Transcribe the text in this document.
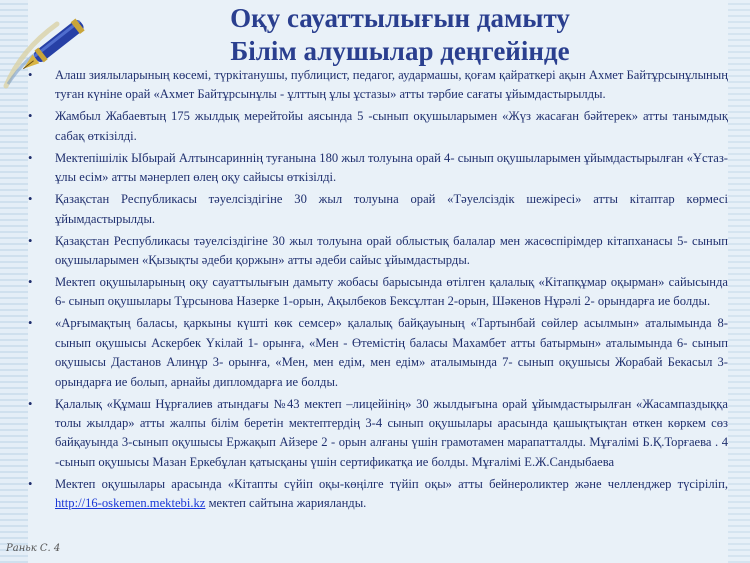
Оқу сауаттылығын дамыту
Білім алушылар деңгейінде
•	Алаш зиялыларының көсемі, түркітанушы, публицист, педагог, аудармашы, қоғам қайраткері ақын Ахмет Байтұрсынұлының туған күніне орай «Ахмет Байтұрсынұлы - ұлттың ұлы ұстазы» атты тәрбие сағаты ұйымдастырылды.
•	Жамбыл Жабаевтың 175 жылдық мерейтойы аясында 5 -сынып оқушыларымен «Жүз жасаған бәйтерек» атты танымдық сабақ өткізілді.
•	Мектепішілік Ыбырай Алтынсариннің туғанына 180 жыл толуына орай 4- сынып оқушыларымен ұйымдастырылған «Ұстаз-ұлы есім» атты мәнерлеп өлең оқу сайысы өткізілді.
•	Қазақстан Республикасы тәуелсіздігіне 30 жыл толуына орай «Тәуелсіздік шежіресі» атты кітаптар көрмесі ұйымдастырылды.
•	Қазақстан Республикасы тәуелсіздігіне 30 жыл толуына орай облыстық балалар мен жасөспірімдер кітапханасы 5- сынып оқушыларымен «Қызықты әдеби қоржын» атты әдеби сайыс ұйымдастырды.
•	Мектеп оқушыларының оқу сауаттылығын дамыту жобасы барысында өтілген қалалық «Кітапқұмар оқырман» сайысында 6- сынып оқушылары Тұрсынова Назерке 1-орын, Ақылбеков Бексұлтан 2-орын, Шәкенов Нұрәлі 2- орындарға ие болды.
•	«Арғымақтың баласы, қаркыны күшті көк семсер» қалалық байқауының «Тартынбай сөйлер асылмын» аталымында 8- сынып оқушысы Аскербек Үкілай 1- орынға, «Мен - Өтемістің баласы Махамбет атты батырмын» аталымында 6- сынып оқушысы Дастанов Алинұр 3- орынға, «Мен, мен едім, мен едім» аталымында 7- сынып оқушысы Жорабай Бекасыл 3- орындарға ие болып, арнайы дипломдарға ие болды.
•	Қалалық «Құмаш Нұрғалиев атындағы №43 мектеп –лицейінің» 30 жылдығына орай ұйымдастырылған «Жасампаздыққа толы жылдар» атты жалпы білім беретін мектептердің 3-4 сынып оқушылары арасында қашықтықтан өткен көркем сөз байқауында 3-сынып оқушысы Ержақып Айзере 2 - орын алғаны үшін грамотамен марапатталды. Мұғалімі Б.Қ.Торғаева . 4 -сынып оқушысы Мазан Еркебұлан қатысқаны үшін сертификатқа ие болды. Мұғалімі Е.Ж.Сандыбаева
•	Мектеп оқушылары арасында «Кітапты сүйіп оқы-көңілге түйіп оқы» атты бейнероликтер және челленджер түсіріліп, http://16-oskemen.mektebi.kz мектеп сайтына жарияланды.
Раньк С. 4
